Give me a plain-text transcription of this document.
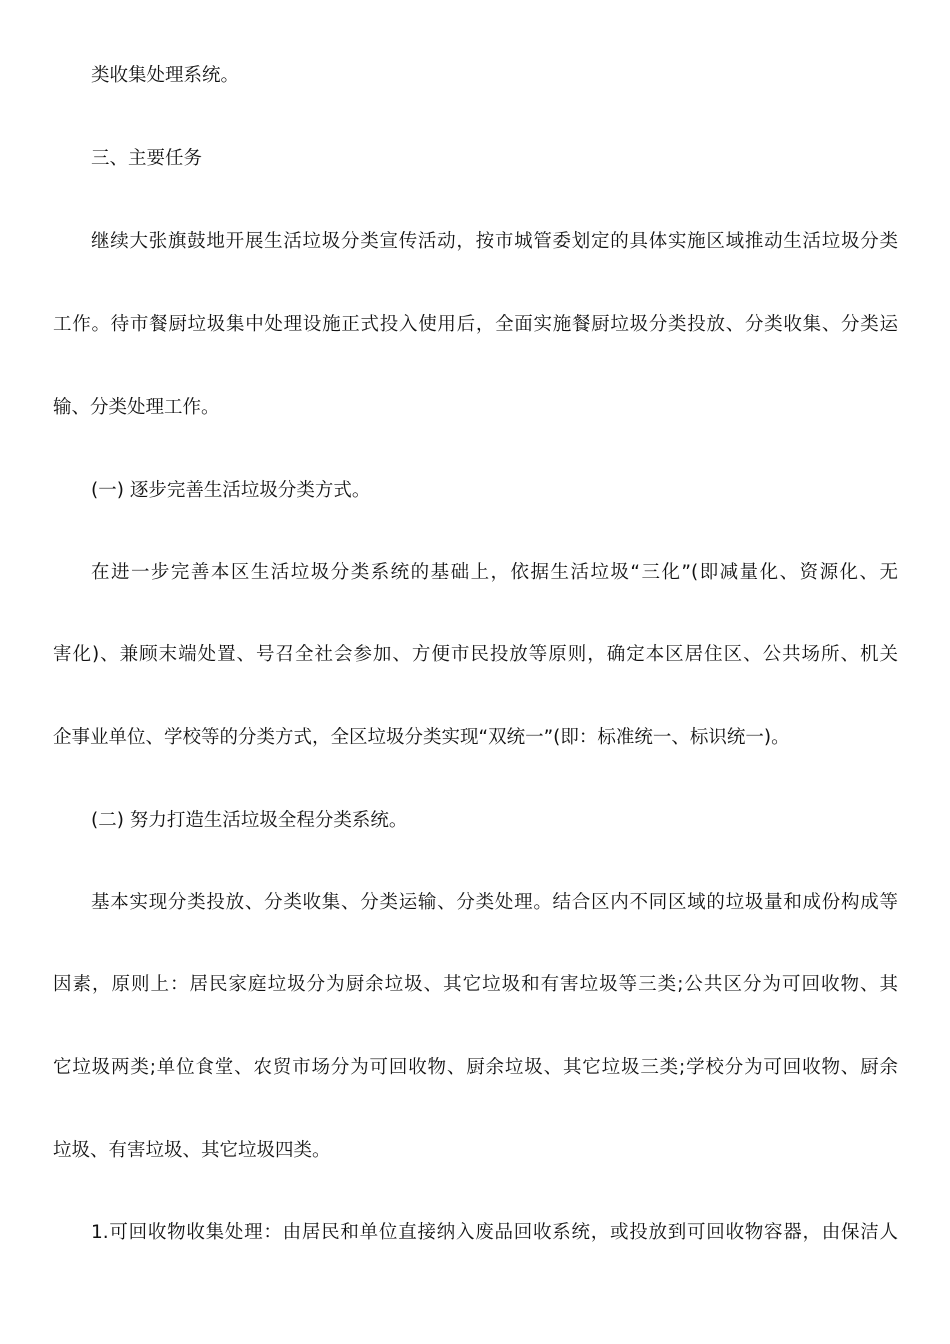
类收集处理系统。
三、主要任务
继续大张旗鼓地开展生活垃圾分类宣传活动，按市城管委划定的具体实施区域推动生活垃圾分类
工作。待市餐厨垃圾集中处理设施正式投入使用后，全面实施餐厨垃圾分类投放、分类收集、分类运
输、分类处理工作。
(一) 逐步完善生活垃圾分类方式。
在进一步完善本区生活垃圾分类系统的基础上，依据生活垃圾“三化”(即减量化、资源化、无
害化)、兼顾末端处置、号召全社会参加、方便市民投放等原则，确定本区居住区、公共场所、机关
企事业单位、学校等的分类方式，全区垃圾分类实现“双统一”(即：标准统一、标识统一)。
(二) 努力打造生活垃圾全程分类系统。
基本实现分类投放、分类收集、分类运输、分类处理。结合区内不同区域的垃圾量和成份构成等
因素，原则上：居民家庭垃圾分为厨余垃圾、其它垃圾和有害垃圾等三类;公共区分为可回收物、其
它垃圾两类;单位食堂、农贸市场分为可回收物、厨余垃圾、其它垃圾三类;学校分为可回收物、厨余
垃圾、有害垃圾、其它垃圾四类。
1.可回收物收集处理：由居民和单位直接纳入废品回收系统，或投放到可回收物容器，由保洁人
